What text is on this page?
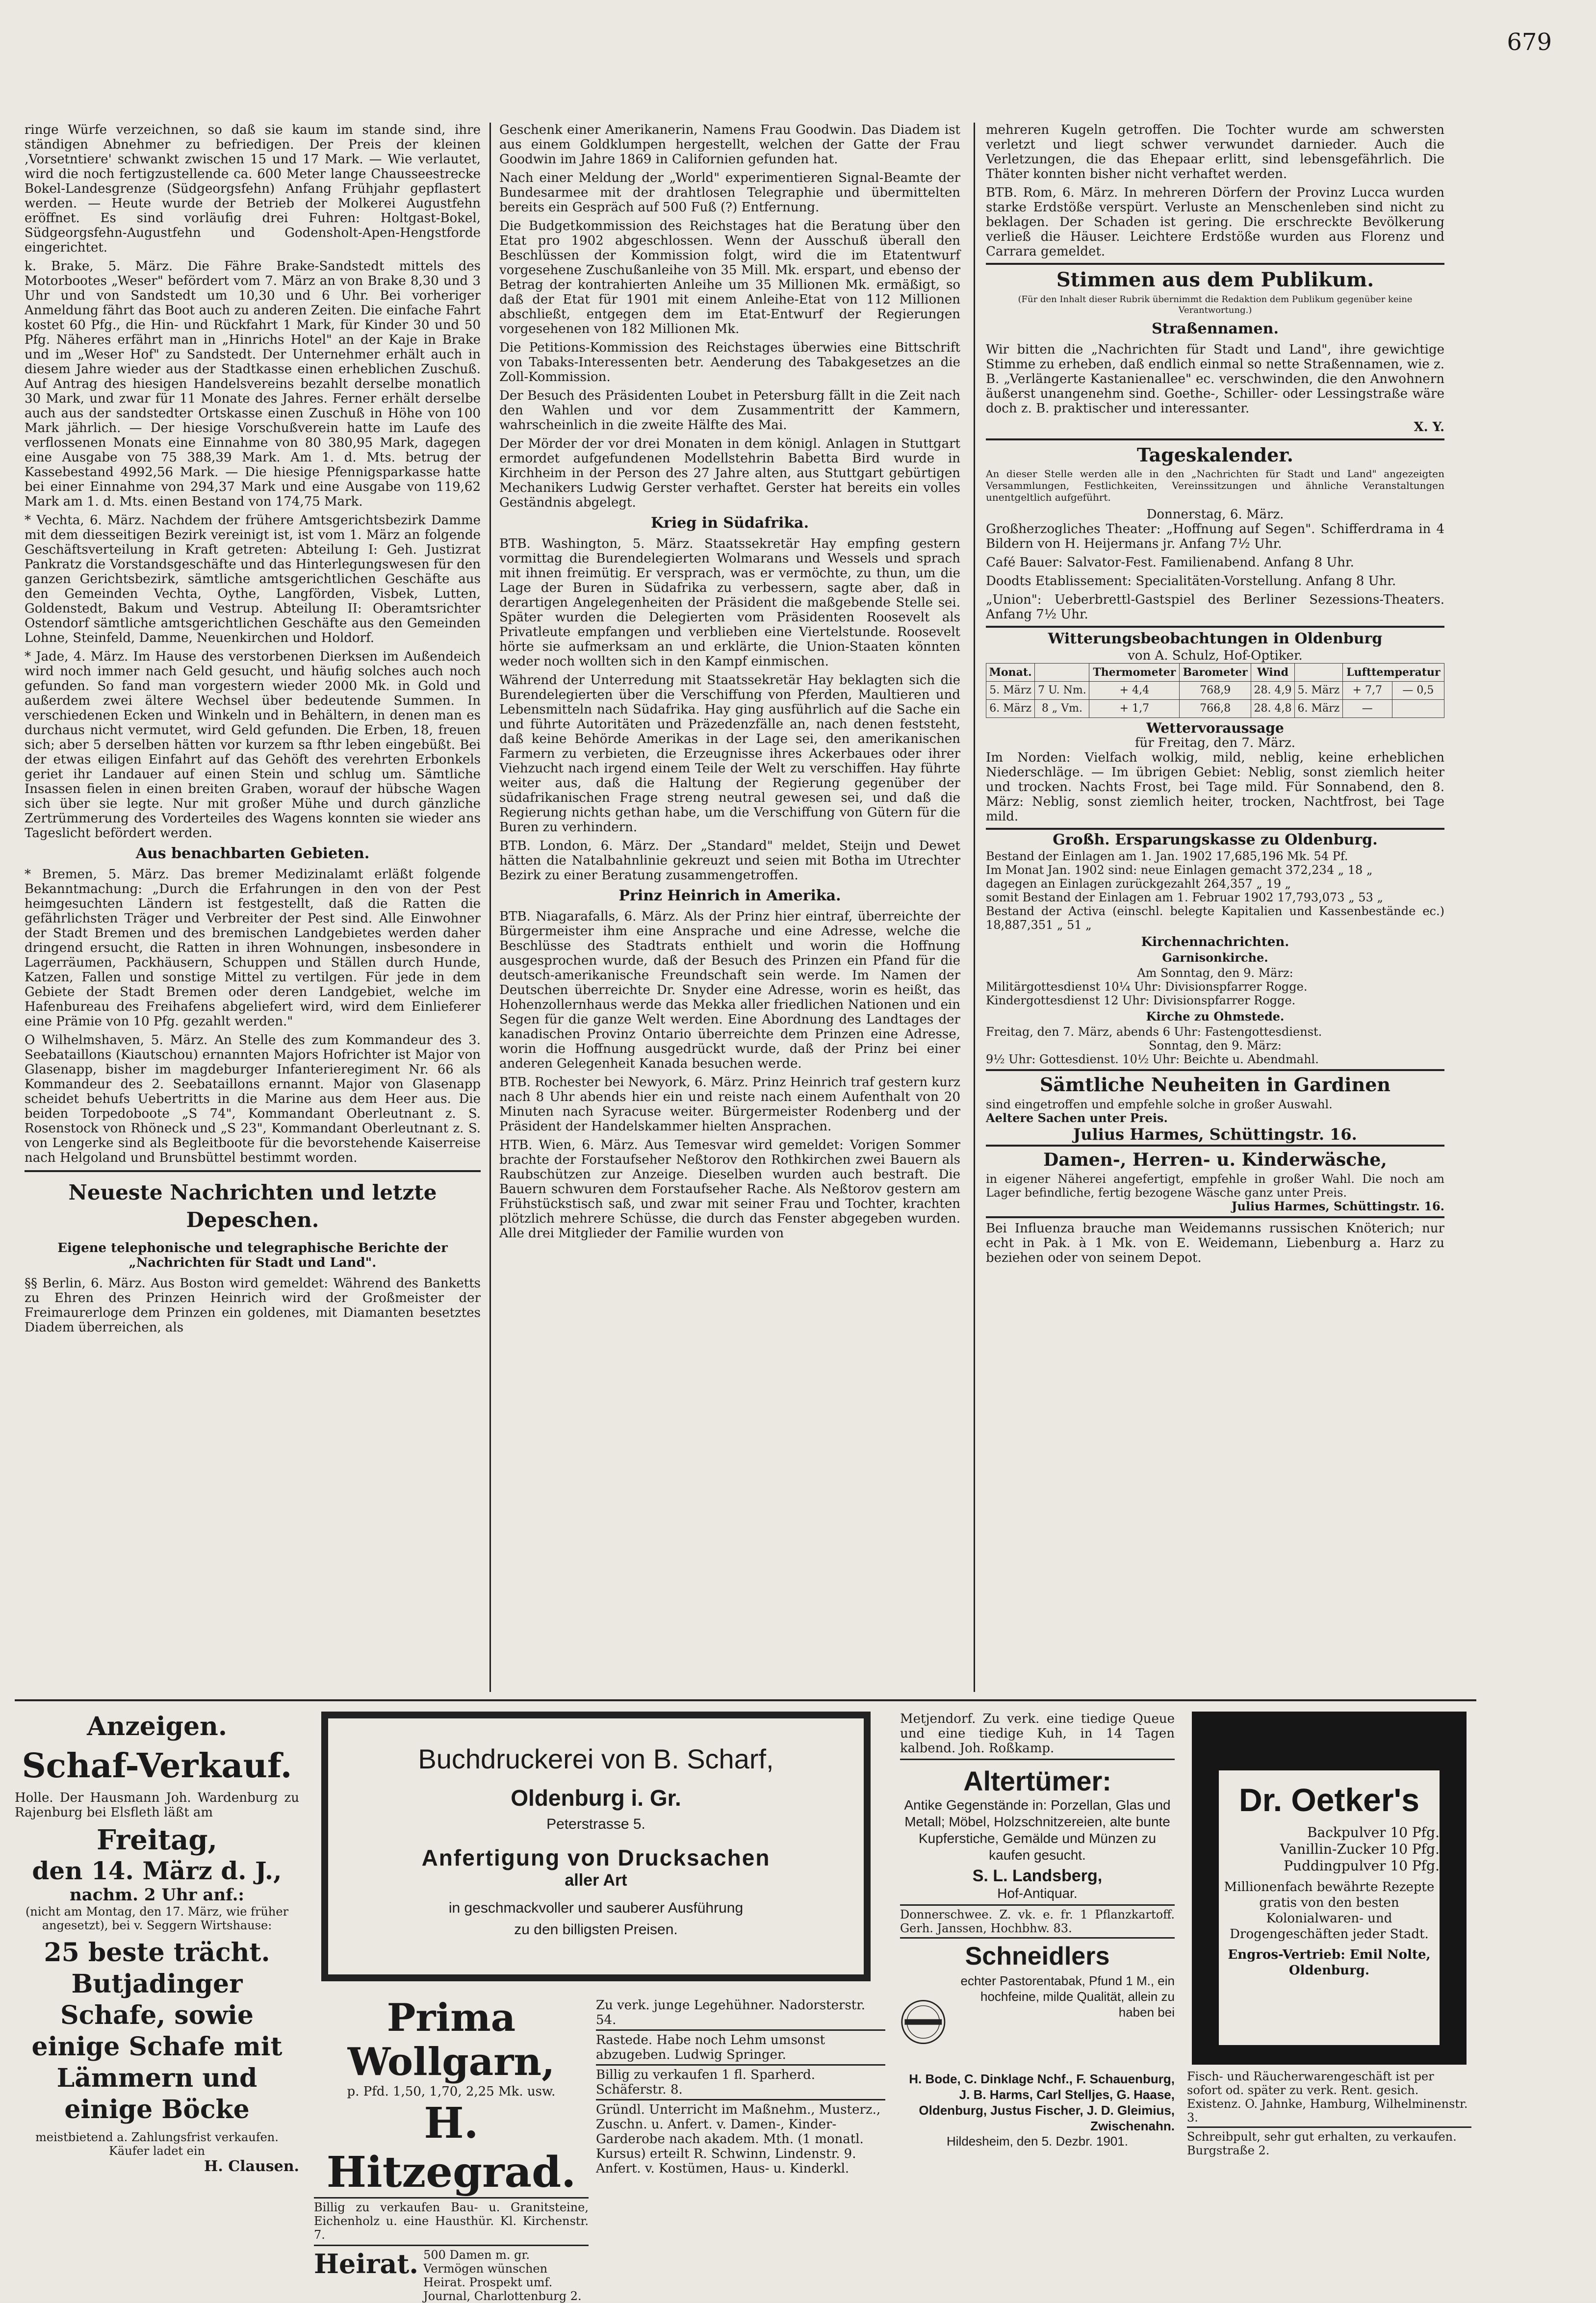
679

ringe Würfe verzeichnen, so daß sie kaum im stande sind, ihre ständigen Abnehmer zu befriedigen. Der Preis der kleinen ‚Vorsetntiere' schwankt zwischen 15 und 17 Mark. — Wie verlautet, wird die noch fertigzustellende ca. 600 Meter lange Chausseestrecke Bokel-Landesgrenze (Südgeorgsfehn) Anfang Frühjahr gepflastert werden. — Heute wurde der Betrieb der Molkerei Augustfehn eröffnet. Es sind vorläufig drei Fuhren: Holtgast-Bokel, Südgeorgsfehn-Augustfehn und Godensholt-Apen-Hengstforde eingerichtet.

k. Brake, 5. März. Die Fähre Brake-Sandstedt mittels des Motorbootes „Weser" befördert vom 7. März an von Brake 8,30 und 3 Uhr und von Sandstedt um 10,30 und 6 Uhr. Bei vorheriger Anmeldung fährt das Boot auch zu anderen Zeiten. Die einfache Fahrt kostet 60 Pfg., die Hin- und Rückfahrt 1 Mark, für Kinder 30 und 50 Pfg. Näheres erfährt man in „Hinrichs Hotel" an der Kaje in Brake und im „Weser Hof" zu Sandstedt. Der Unternehmer erhält auch in diesem Jahre wieder aus der Stadtkasse einen erheblichen Zuschuß. Auf Antrag des hiesigen Handelsvereins bezahlt derselbe monatlich 30 Mark, und zwar für 11 Monate des Jahres. Ferner erhält derselbe auch aus der sandstedter Ortskasse einen Zuschuß in Höhe von 100 Mark jährlich. — Der hiesige Vorschußverein hatte im Laufe des verflossenen Monats eine Einnahme von 80 380,95 Mark, dagegen eine Ausgabe von 75 388,39 Mark. Am 1. d. Mts. betrug der Kassebestand 4992,56 Mark. — Die hiesige Pfennigsparkasse hatte bei einer Einnahme von 294,37 Mark und eine Ausgabe von 119,62 Mark am 1. d. Mts. einen Bestand von 174,75 Mark.

* Vechta, 6. März. Nachdem der frühere Amtsgerichtsbezirk Damme mit dem diesseitigen Bezirk vereinigt ist, ist vom 1. März an folgende Geschäftsverteilung in Kraft getreten: Abteilung I: Geh. Justizrat Pankratz die Vorstandsgeschäfte und das Hinterlegungswesen für den ganzen Gerichtsbezirk, sämtliche amtsgerichtlichen Geschäfte aus den Gemeinden Vechta, Oythe, Langförden, Visbek, Lutten, Goldenstedt, Bakum und Vestrup. Abteilung II: Oberamtsrichter Ostendorf sämtliche amtsgerichtlichen Geschäfte aus den Gemeinden Lohne, Steinfeld, Damme, Neuenkirchen und Holdorf.

* Jade, 4. März. Im Hause des verstorbenen Dierksen im Außendeich wird noch immer nach Geld gesucht, und häufig solches auch noch gefunden. So fand man vorgestern wieder 2000 Mk. in Gold und außerdem zwei ältere Wechsel über bedeutende Summen. In verschiedenen Ecken und Winkeln und in Behältern, in denen man es durchaus nicht vermutet, wird Geld gefunden. Die Erben, 18, freuen sich; aber 5 derselben hätten vor kurzem sa fthr leben eingebüßt. Bei der etwas eiligen Einfahrt auf das Gehöft des verehrten Erbonkels geriet ihr Landauer auf einen Stein und schlug um. Sämtliche Insassen fielen in einen breiten Graben, worauf der hübsche Wagen sich über sie legte. Nur mit großer Mühe und durch gänzliche Zertrümmerung des Vorderteiles des Wagens konnten sie wieder ans Tageslicht befördert werden.

Aus benachbarten Gebieten.

* Bremen, 5. März. Das bremer Medizinalamt erläßt folgende Bekanntmachung: „Durch die Erfahrungen in den von der Pest heimgesuchten Ländern ist festgestellt, daß die Ratten die gefährlichsten Träger und Verbreiter der Pest sind. Alle Einwohner der Stadt Bremen und des bremischen Landgebietes werden daher dringend ersucht, die Ratten in ihren Wohnungen, insbesondere in Lagerräumen, Packhäusern, Schuppen und Ställen durch Hunde, Katzen, Fallen und sonstige Mittel zu vertilgen. Für jede in dem Gebiete der Stadt Bremen oder deren Landgebiet, welche im Hafenbureau des Freihafens abgeliefert wird, wird dem Einlieferer eine Prämie von 10 Pfg. gezahlt werden."

O Wilhelmshaven, 5. März. An Stelle des zum Kommandeur des 3. Seebataillons (Kiautschou) ernannten Majors Hofrichter ist Major von Glasenapp, bisher im magdeburger Infanterieregiment Nr. 66 als Kommandeur des 2. Seebataillons ernannt. Major von Glasenapp scheidet behufs Uebertritts in die Marine aus dem Heer aus. Die beiden Torpedoboote „S 74", Kommandant Oberleutnant z. S. Rosenstock von Rhöneck und „S 23", Kommandant Oberleutnant z. S. von Lengerke sind als Begleitboote für die bevorstehende Kaiserreise nach Helgoland und Brunsbüttel bestimmt worden.

Neueste Nachrichten und letzte Depeschen.
Eigene telephonische und telegraphische Berichte der „Nachrichten für Stadt und Land".

§§ Berlin, 6. März. Aus Boston wird gemeldet: Während des Banketts zu Ehren des Prinzen Heinrich wird der Großmeister der Freimaurerloge dem Prinzen ein goldenes, mit Diamanten besetztes Diadem überreichen, als

Geschenk einer Amerikanerin, Namens Frau Goodwin. Das Diadem ist aus einem Goldklumpen hergestellt, welchen der Gatte der Frau Goodwin im Jahre 1869 in Californien gefunden hat.

Nach einer Meldung der „World" experimentieren Signal-Beamte der Bundesarmee mit der drahtlosen Telegraphie und übermittelten bereits ein Gespräch auf 500 Fuß (?) Entfernung.

Die Budgetkommission des Reichstages hat die Beratung über den Etat pro 1902 abgeschlossen. Wenn der Ausschuß überall den Beschlüssen der Kommission folgt, wird die im Etatentwurf vorgesehene Zuschußanleihe von 35 Mill. Mk. erspart, und ebenso der Betrag der kontrahierten Anleihe um 35 Millionen Mk. ermäßigt, so daß der Etat für 1901 mit einem Anleihe-Etat von 112 Millionen abschließt, entgegen dem im Etat-Entwurf der Regierungen vorgesehenen von 182 Millionen Mk.

Die Petitions-Kommission des Reichstages überwies eine Bittschrift von Tabaks-Interessenten betr. Aenderung des Tabakgesetzes an die Zoll-Kommission.

Der Besuch des Präsidenten Loubet in Petersburg fällt in die Zeit nach den Wahlen und vor dem Zusammentritt der Kammern, wahrscheinlich in die zweite Hälfte des Mai.

Der Mörder der vor drei Monaten in dem königl. Anlagen in Stuttgart ermordet aufgefundenen Modellstehrin Babetta Bird wurde in Kirchheim in der Person des 27 Jahre alten, aus Stuttgart gebürtigen Mechanikers Ludwig Gerster verhaftet. Gerster hat bereits ein volles Geständnis abgelegt.

Krieg in Südafrika.

BTB. Washington, 5. März. Staatssekretär Hay empfing gestern vormittag die Burendelegierten Wolmarans und Wessels und sprach mit ihnen freimütig. Er versprach, was er vermöchte, zu thun, um die Lage der Buren in Südafrika zu verbessern, sagte aber, daß in derartigen Angelegenheiten der Präsident die maßgebende Stelle sei. Später wurden die Delegierten vom Präsidenten Roosevelt als Privatleute empfangen und verblieben eine Viertelstunde. Roosevelt hörte sie aufmerksam an und erklärte, die Union-Staaten könnten weder noch wollten sich in den Kampf einmischen.

Während der Unterredung mit Staatssekretär Hay beklagten sich die Burendelegierten über die Verschiffung von Pferden, Maultieren und Lebensmitteln nach Südafrika. Hay ging ausführlich auf die Sache ein und führte Autoritäten und Präzedenzfälle an, nach denen feststeht, daß keine Behörde Amerikas in der Lage sei, den amerikanischen Farmern zu verbieten, die Erzeugnisse ihres Ackerbaues oder ihrer Viehzucht nach irgend einem Teile der Welt zu verschiffen. Hay führte weiter aus, daß die Haltung der Regierung gegenüber der südafrikanischen Frage streng neutral gewesen sei, und daß die Regierung nichts gethan habe, um die Verschiffung von Gütern für die Buren zu verhindern.

BTB. London, 6. März. Der „Standard" meldet, Steijn und Dewet hätten die Natalbahnlinie gekreuzt und seien mit Botha im Utrechter Bezirk zu einer Beratung zusammengetroffen.

Prinz Heinrich in Amerika.

BTB. Niagarafalls, 6. März. Als der Prinz hier eintraf, überreichte der Bürgermeister ihm eine Ansprache und eine Adresse, welche die Beschlüsse des Stadtrats enthielt und worin die Hoffnung ausgesprochen wurde, daß der Besuch des Prinzen ein Pfand für die deutsch-amerikanische Freundschaft sein werde. Im Namen der Deutschen überreichte Dr. Snyder eine Adresse, worin es heißt, das Hohenzollernhaus werde das Mekka aller friedlichen Nationen und ein Segen für die ganze Welt werden. Eine Abordnung des Landtages der kanadischen Provinz Ontario überreichte dem Prinzen eine Adresse, worin die Hoffnung ausgedrückt wurde, daß der Prinz bei einer anderen Gelegenheit Kanada besuchen werde.

BTB. Rochester bei Newyork, 6. März. Prinz Heinrich traf gestern kurz nach 8 Uhr abends hier ein und reiste nach einem Aufenthalt von 20 Minuten nach Syracuse weiter. Bürgermeister Rodenberg und der Präsident der Handelskammer hielten Ansprachen.

HTB. Wien, 6. März. Aus Temesvar wird gemeldet: Vorigen Sommer brachte der Forstaufseher Neßtorov den Rothkirchen zwei Bauern als Raubschützen zur Anzeige. Dieselben wurden auch bestraft. Die Bauern schwuren dem Forstaufseher Rache. Als Neßtorov gestern am Frühstückstisch saß, und zwar mit seiner Frau und Tochter, krachten plötzlich mehrere Schüsse, die durch das Fenster abgegeben wurden. Alle drei Mitglieder der Familie wurden von

mehreren Kugeln getroffen. Die Tochter wurde am schwersten verletzt und liegt schwer verwundet darnieder. Auch die Verletzungen, die das Ehepaar erlitt, sind lebensgefährlich. Die Thäter konnten bisher nicht verhaftet werden.

BTB. Rom, 6. März. In mehreren Dörfern der Provinz Lucca wurden starke Erdstöße verspürt. Verluste an Menschenleben sind nicht zu beklagen. Der Schaden ist gering. Die erschreckte Bevölkerung verließ die Häuser. Leichtere Erdstöße wurden aus Florenz und Carrara gemeldet.

Stimmen aus dem Publikum.
(Für den Inhalt dieser Rubrik übernimmt die Redaktion dem Publikum gegenüber keine Verantwortung.)
Straßennamen.

Wir bitten die „Nachrichten für Stadt und Land", ihre gewichtige Stimme zu erheben, daß endlich einmal so nette Straßennamen, wie z. B. „Verlängerte Kastanienallee" ec. verschwinden, die den Anwohnern äußerst unangenehm sind. Goethe-, Schiller- oder Lessingstraße wäre doch z. B. praktischer und interessanter.

X. Y.
Tageskalender.

An dieser Stelle werden alle in den „Nachrichten für Stadt und Land" angezeigten Versammlungen, Festlichkeiten, Vereinssitzungen und ähnliche Veranstaltungen unentgeltlich aufgeführt.

Donnerstag, 6. März.

Großherzogliches Theater: „Hoffnung auf Segen". Schifferdrama in 4 Bildern von H. Heijermans jr. Anfang 7½ Uhr.

Café Bauer: Salvator-Fest. Familienabend. Anfang 8 Uhr.

Doodts Etablissement: Specialitäten-Vorstellung. Anfang 8 Uhr.

„Union": Ueberbrettl-Gastspiel des Berliner Sezessions-Theaters. Anfang 7½ Uhr.

Witterungsbeobachtungen in Oldenburg
von A. Schulz, Hof-Optiker.
Monat.		Thermometer	Barometer	Wind		Lufttemperatur	
5. März	7 U. Nm.	+ 4,4	768,9	28. 4,9	5. März	+ 7,7	— 0,5
6. März	8 „ Vm.	+ 1,7	766,8	28. 4,8	6. März	—	
Wettervoraussage
für Freitag, den 7. März.

Im Norden: Vielfach wolkig, mild, neblig, keine erheblichen Niederschläge. — Im übrigen Gebiet: Neblig, sonst ziemlich heiter und trocken. Nachts Frost, bei Tage mild. Für Sonnabend, den 8. März: Neblig, sonst ziemlich heiter, trocken, Nachtfrost, bei Tage mild.

Großh. Ersparungskasse zu Oldenburg.
Bestand der Einlagen am 1. Jan. 1902 17,685,196 Mk. 54 Pf.
Im Monat Jan. 1902 sind: neue Einlagen gemacht 372,234 „ 18 „
dagegen an Einlagen zurückgezahlt 264,357 „ 19 „
somit Bestand der Einlagen am 1. Februar 1902 17,793,073 „ 53 „
Bestand der Activa (einschl. belegte Kapitalien und Kassenbestände ec.) 18,887,351 „ 51 „
Kirchennachrichten.
Garnisonkirche.
Am Sonntag, den 9. März:
Militärgottesdienst 10¼ Uhr: Divisionspfarrer Rogge.
Kindergottesdienst 12 Uhr: Divisionspfarrer Rogge.
Kirche zu Ohmstede.
Freitag, den 7. März, abends 6 Uhr: Fastengottesdienst.
Sonntag, den 9. März:
9½ Uhr: Gottesdienst. 10½ Uhr: Beichte u. Abendmahl.
Sämtliche Neuheiten in Gardinen
sind eingetroffen und empfehle solche in großer Auswahl.
Aeltere Sachen unter Preis.
Julius Harmes, Schüttingstr. 16.
Damen-, Herren- u. Kinderwäsche,
in eigener Näherei angefertigt, empfehle in großer Wahl. Die noch am Lager befindliche, fertig bezogene Wäsche ganz unter Preis.
Julius Harmes, Schüttingstr. 16.

Bei Influenza brauche man Weidemanns russischen Knöterich; nur echt in Pak. à 1 Mk. von E. Weidemann, Liebenburg a. Harz zu beziehen oder von seinem Depot.

Anzeigen.
Schaf-Verkauf.
Holle. Der Hausmann Joh. Wardenburg zu Rajenburg bei Elsfleth läßt am
Freitag,
den 14. März d. J.,
nachm. 2 Uhr anf.:
(nicht am Montag, den 17. März, wie früher angesetzt), bei v. Seggern Wirtshause:
25 beste trächt. Butjadinger Schafe, sowie einige Schafe mit Lämmern und einige Böcke
meistbietend a. Zahlungsfrist verkaufen. Käufer ladet ein
H. Clausen.
Buchdruckerei von B. Scharf,
Oldenburg i. Gr.
Peterstrasse 5.
Anfertigung von Drucksachen
aller Art
in geschmackvoller und sauberer Ausführung
zu den billigsten Preisen.
Prima Wollgarn,
p. Pfd. 1,50, 1,70, 2,25 Mk. usw.
H. Hitzegrad.
Billig zu verkaufen Bau- u. Granitsteine, Eichenholz u. eine Hausthür. Kl. Kirchenstr. 7.
Heirat. 500 Damen m. gr. Vermögen wünschen Heirat. Prospekt umf. Journal, Charlottenburg 2.
Zu verk. junge Legehühner. Nadorsterstr. 54.
Rastede. Habe noch Lehm umsonst abzugeben. Ludwig Springer.
Billig zu verkaufen 1 fl. Sparherd. Schäferstr. 8.
Gründl. Unterricht im Maßnehm., Musterz., Zuschn. u. Anfert. v. Damen-, Kinder-Garderobe nach akadem. Mth. (1 monatl. Kursus) erteilt R. Schwinn, Lindenstr. 9. Anfert. v. Kostümen, Haus- u. Kinderkl.
Metjendorf. Zu verk. eine tiedige Queue und eine tiedige Kuh, in 14 Tagen kalbend. Joh. Roßkamp.
Altertümer:
Antike Gegenstände in: Porzellan, Glas und Metall; Möbel, Holzschnitzereien, alte bunte Kupferstiche, Gemälde und Münzen zu kaufen gesucht.
S. L. Landsberg,
Hof-Antiquar.
Donnerschwee. Z. vk. e. fr. 1 Pflanzkartoff. Gerh. Janssen, Hochbhw. 83.
Schneidlers
echter Pastorentabak, Pfund 1 M., ein hochfeine, milde Qualität, allein zu haben bei
H. Bode, C. Dinklage Nchf., F. Schauenburg, J. B. Harms, Carl Stelljes, G. Haase, Oldenburg, Justus Fischer, J. D. Gleimius, Zwischenahn.
Hildesheim, den 5. Dezbr. 1901.
Dr. Oetker's
Backpulver 10 Pfg.
Vanillin-Zucker 10 Pfg.
Puddingpulver 10 Pfg.
Millionenfach bewährte Rezepte gratis von den besten Kolonialwaren- und Drogengeschäften jeder Stadt.
Engros-Vertrieb: Emil Nolte, Oldenburg.
Fisch- und Räucherwarengeschäft ist per sofort od. später zu verk. Rent. gesich. Existenz. O. Jahnke, Hamburg, Wilhelminenstr. 3.
Schreibpult, sehr gut erhalten, zu verkaufen. Burgstraße 2.
